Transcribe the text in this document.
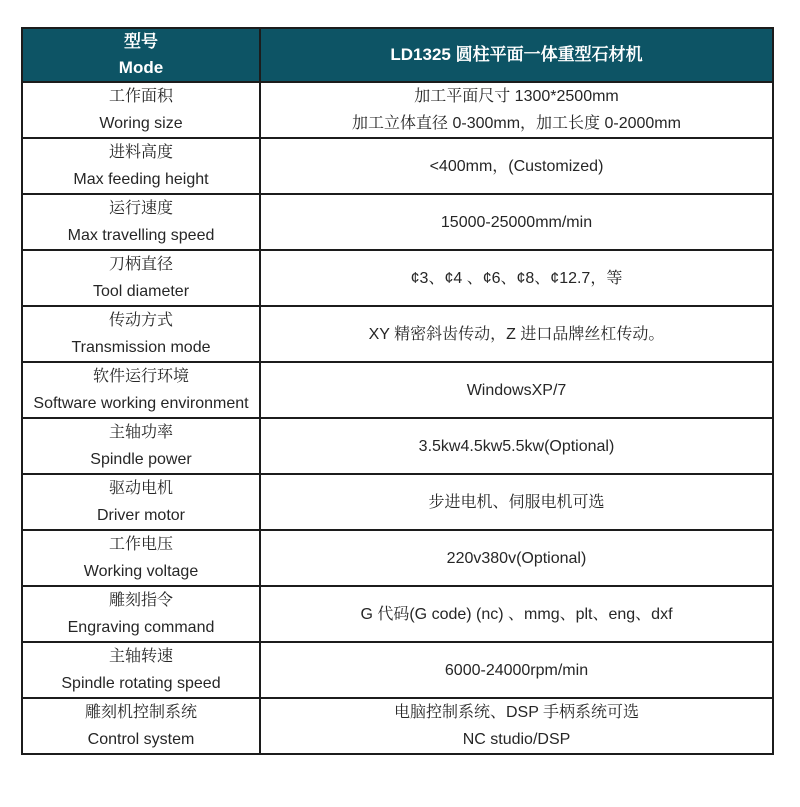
型号
Mode	LD1325 圆柱平面一体重型石材机

工作面积
Woring size	加工平面尺寸 1300*2500mm
加工立体直径 0-300mm，加工长度 0-2000mm

进料高度
Max feeding height	<400mm，(Customized)

运行速度
Max travelling speed	15000-25000mm/min

刀柄直径
Tool diameter	¢3、¢4 、¢6、¢8、¢12.7，等

传动方式
Transmission mode	XY 精密斜齿传动，Z 进口品牌丝杠传动。

软件运行环境
Software working environment	WindowsXP/7

主轴功率
Spindle power	3.5kw4.5kw5.5kw(Optional)

驱动电机
Driver motor	步进电机、伺服电机可选

工作电压
Working voltage	220v380v(Optional)

雕刻指令
Engraving command	G 代码(G code) (nc) 、mmg、plt、eng、dxf

主轴转速
Spindle rotating speed	6000-24000rpm/min

雕刻机控制系统
Control system	电脑控制系统、DSP 手柄系统可选
NC studio/DSP
